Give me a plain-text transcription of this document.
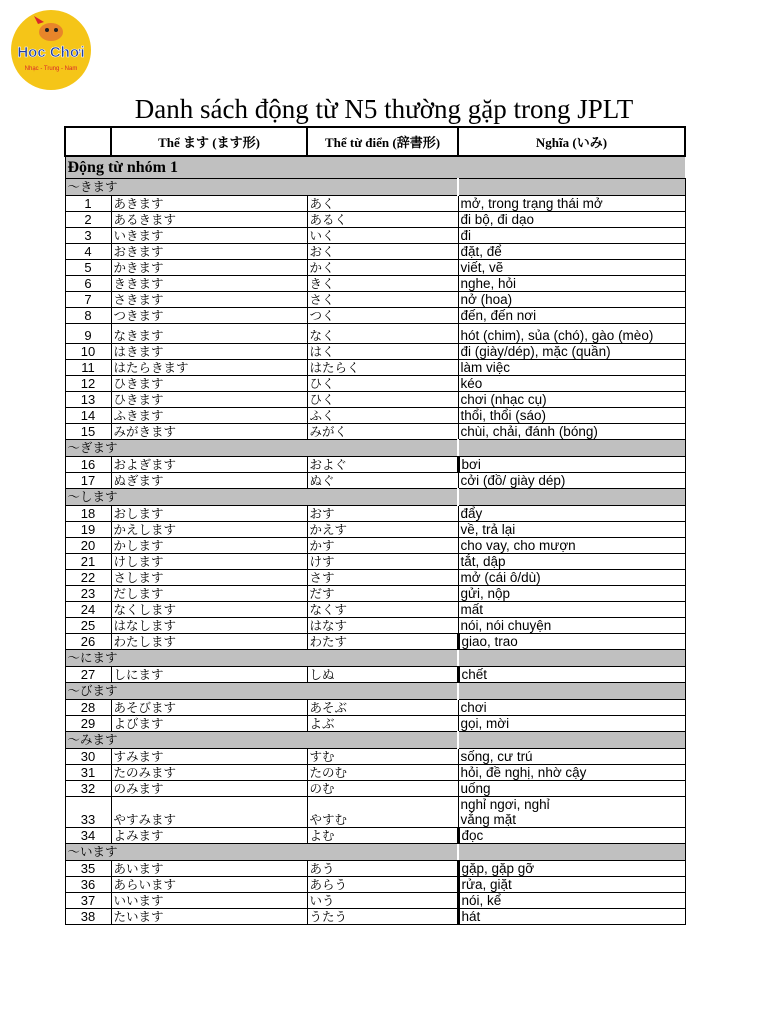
Hoc Chơi
Nhạc - Trung - Nam
Danh sách động từ N5 thường gặp trong JPLT
	Thể ます (ます形)	Thể từ điển (辞書形)	Nghĩa (いみ)
Động từ nhóm 1			
～きます			
1	あきます	あく	mở, trong trạng thái mở
2	あるきます	あるく	đi bộ, đi dạo
3	いきます	いく	đi
4	おきます	おく	đặt, để
5	かきます	かく	viết, vẽ
6	ききます	きく	nghe, hỏi
7	さきます	さく	nở (hoa)
8	つきます	つく	đến, đến nơi
9	なきます	なく	hót (chim), sủa (chó), gào (mèo)
10	はきます	はく	đi (giày/dép), mặc (quần)
11	はたらきます	はたらく	làm việc
12	ひきます	ひく	kéo
13	ひきます	ひく	chơi (nhạc cụ)
14	ふきます	ふく	thổi, thổi (sáo)
15	みがきます	みがく	chùi, chải, đánh (bóng)
～ぎます			
16	およぎます	およぐ	bơi
17	ぬぎます	ぬぐ	cởi (đồ/ giày dép)
～します			
18	おします	おす	đẩy
19	かえします	かえす	về, trả lại
20	かします	かす	cho vay, cho mượn
21	けします	けす	tắt, dập
22	さします	さす	mở (cái ô/dù)
23	だします	だす	gửi, nộp
24	なくします	なくす	mất
25	はなします	はなす	nói, nói chuyện
26	わたします	わたす	giao, trao
～にます			
27	しにます	しぬ	chết
～びます			
28	あそびます	あそぶ	chơi
29	よびます	よぶ	gọi, mời
～みます			
30	すみます	すむ	sống, cư trú
31	たのみます	たのむ	hỏi, đề nghị, nhờ cậy
32	のみます	のむ	uống
33	やすみます	やすむ	nghỉ ngơi, nghỉ
vắng mặt
34	よみます	よむ	đọc
～います			
35	あいます	あう	gặp, gặp gỡ
36	あらいます	あらう	rửa, giặt
37	いいます	いう	nói, kể
38	たいます	うたう	hát
